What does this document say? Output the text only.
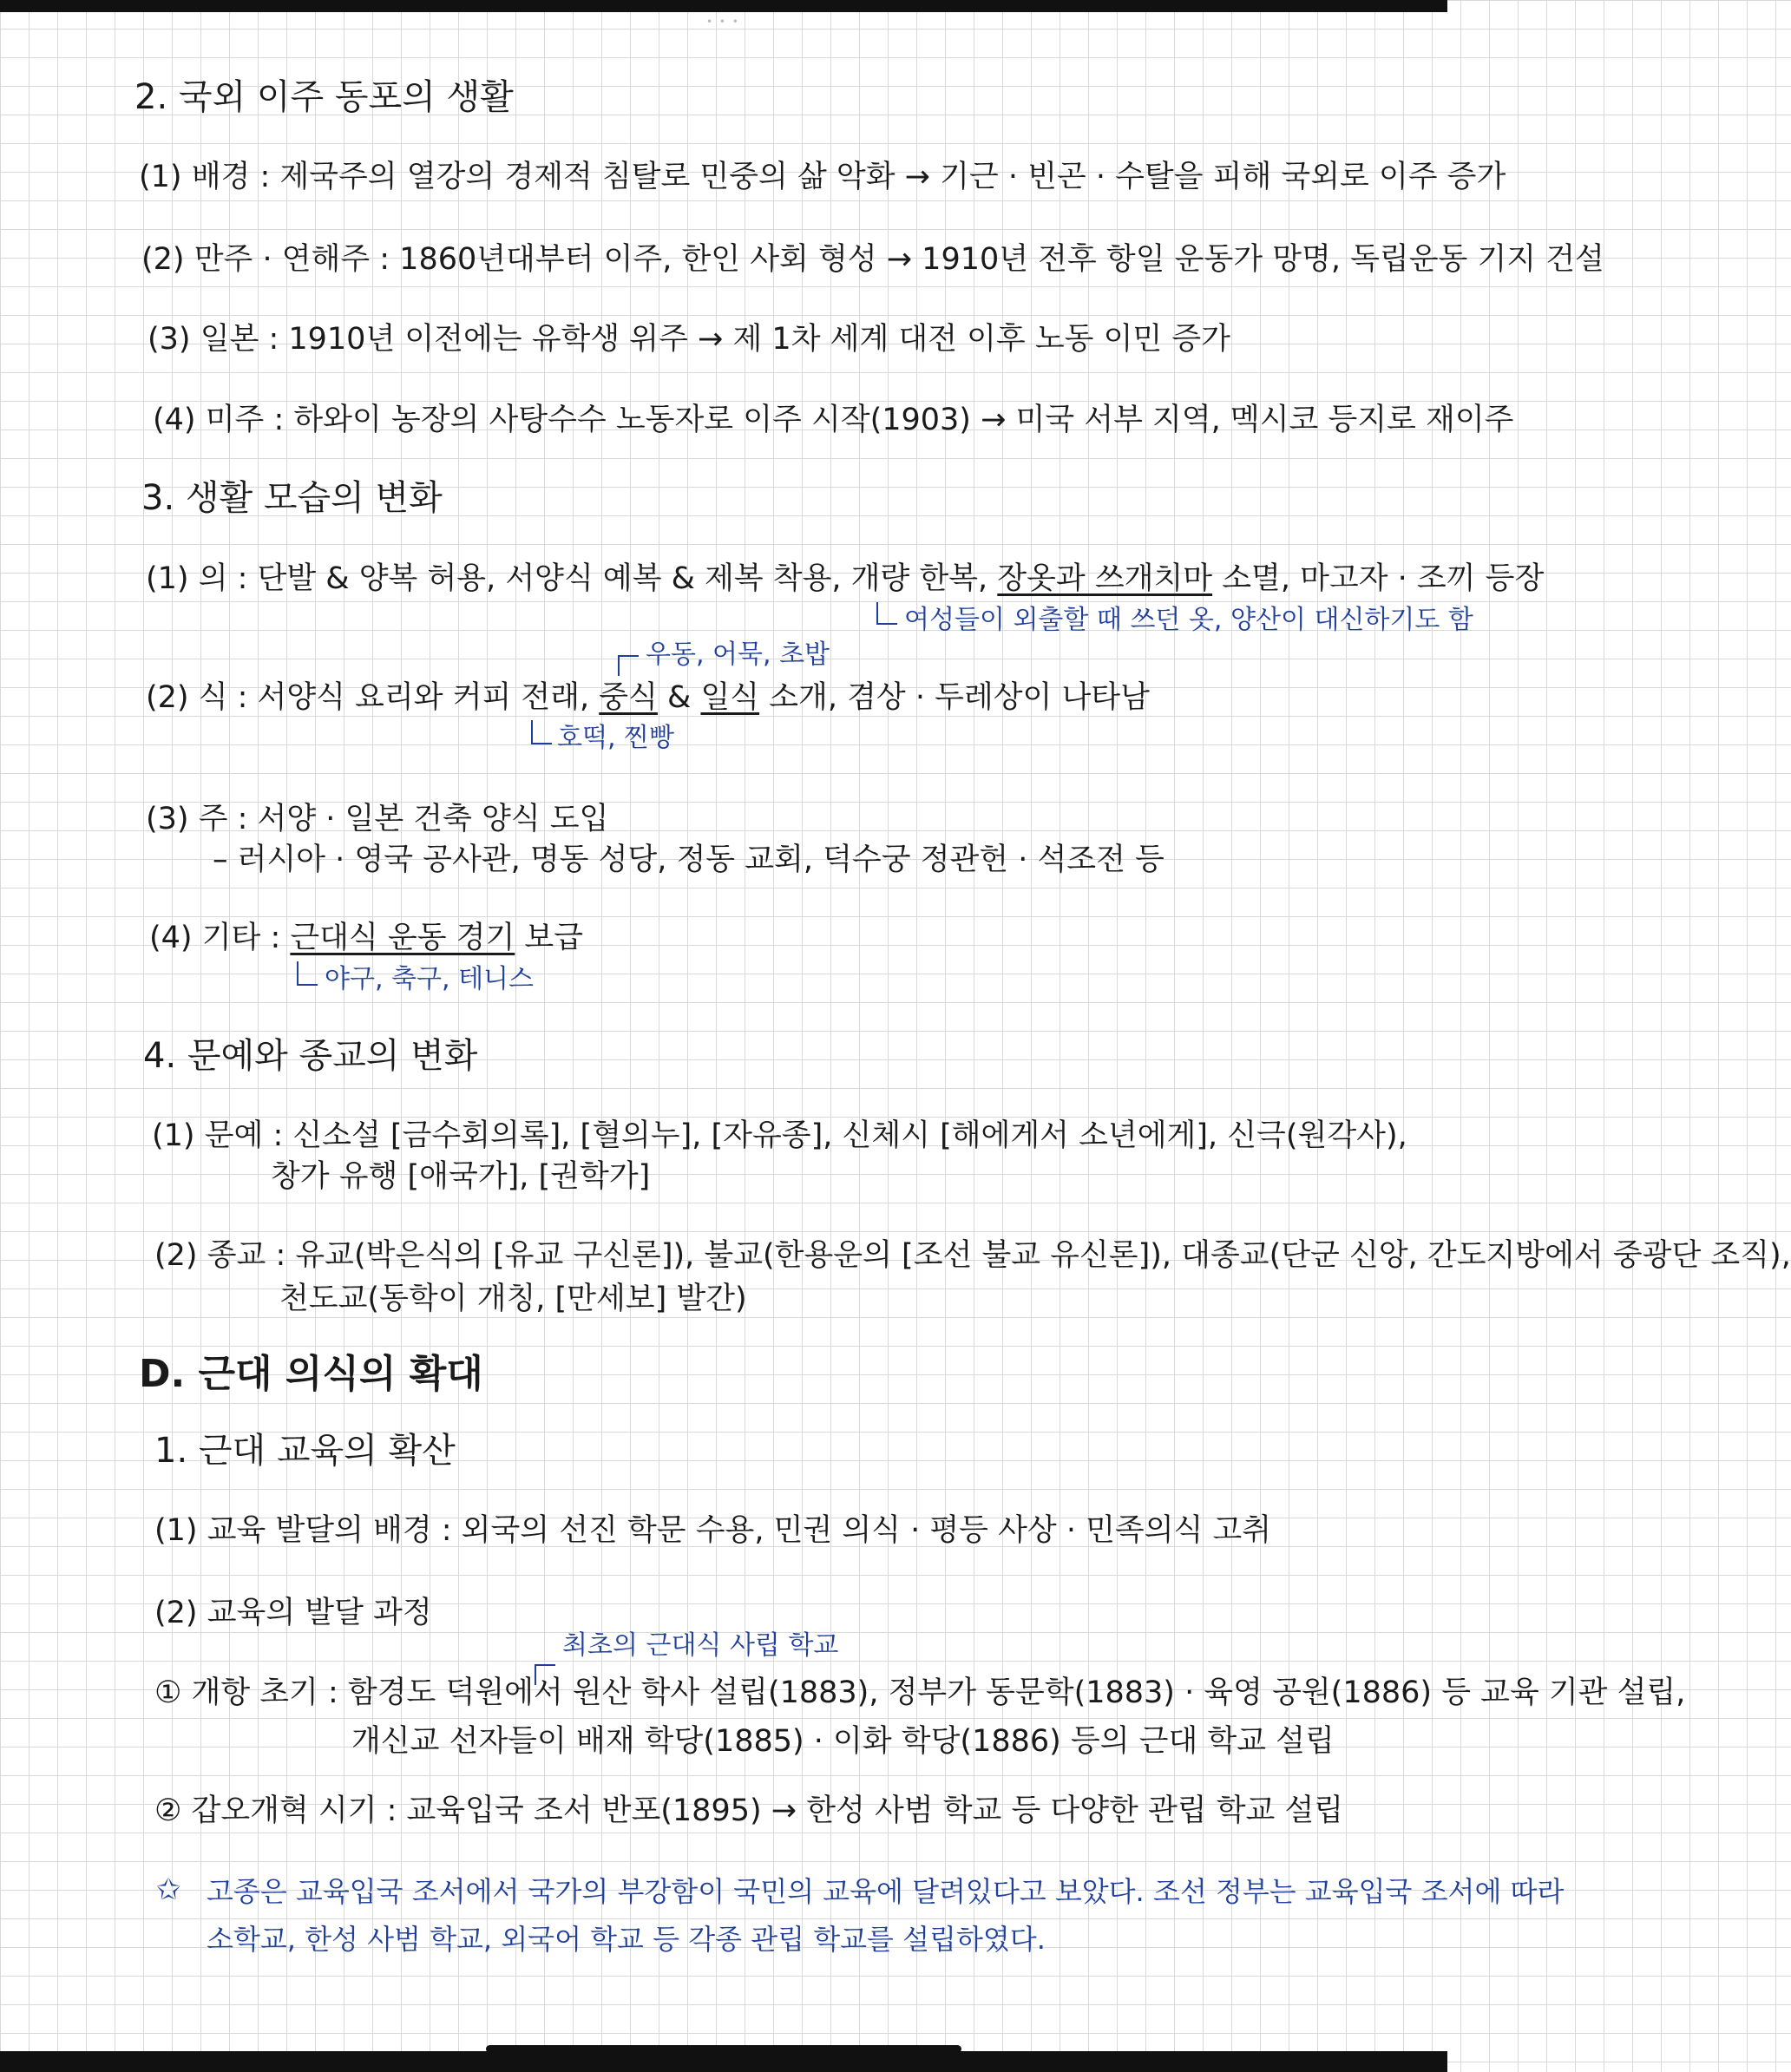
• • •
2. 국외 이주 동포의 생활
(1) 배경 : 제국주의 열강의 경제적 침탈로 민중의 삶 악화 → 기근 · 빈곤 · 수탈을 피해 국외로 이주 증가
(2) 만주 · 연해주 : 1860년대부터 이주, 한인 사회 형성 → 1910년 전후 항일 운동가 망명, 독립운동 기지 건설
(3) 일본 : 1910년 이전에는 유학생 위주 → 제 1차 세계 대전 이후 노동 이민 증가
(4) 미주 : 하와이 농장의 사탕수수 노동자로 이주 시작(1903) → 미국 서부 지역, 멕시코 등지로 재이주
3. 생활 모습의 변화
(1) 의 : 단발 & 양복 허용, 서양식 예복 & 제복 착용, 개량 한복, 장옷과 쓰개치마 소멸, 마고자 · 조끼 등장
여성들이 외출할 때 쓰던 옷, 양산이 대신하기도 함
우동, 어묵, 초밥
(2) 식 : 서양식 요리와 커피 전래, 중식 & 일식 소개, 겸상 · 두레상이 나타남
호떡, 찐빵
(3) 주 : 서양 · 일본 건축 양식 도입
– 러시아 · 영국 공사관, 명동 성당, 정동 교회, 덕수궁 정관헌 · 석조전 등
(4) 기타 : 근대식 운동 경기 보급
야구, 축구, 테니스
4. 문예와 종교의 변화
(1) 문예 : 신소설 [금수회의록], [혈의누], [자유종], 신체시 [해에게서 소년에게], 신극(원각사),
창가 유행 [애국가], [권학가]
(2) 종교 : 유교(박은식의 [유교 구신론]), 불교(한용운의 [조선 불교 유신론]), 대종교(단군 신앙, 간도지방에서 중광단 조직),
천도교(동학이 개칭, [만세보] 발간)
D. 근대 의식의 확대
1. 근대 교육의 확산
(1) 교육 발달의 배경 : 외국의 선진 학문 수용, 민권 의식 · 평등 사상 · 민족의식 고취
(2) 교육의 발달 과정
최초의 근대식 사립 학교
① 개항 초기 : 함경도 덕원에서 원산 학사 설립(1883), 정부가 동문학(1883) · 육영 공원(1886) 등 교육 기관 설립,
개신교 선자들이 배재 학당(1885) · 이화 학당(1886) 등의 근대 학교 설립
② 갑오개혁 시기 : 교육입국 조서 반포(1895) → 한성 사범 학교 등 다양한 관립 학교 설립
✩ 고종은 교육입국 조서에서 국가의 부강함이 국민의 교육에 달려있다고 보았다. 조선 정부는 교육입국 조서에 따라
소학교, 한성 사범 학교, 외국어 학교 등 각종 관립 학교를 설립하였다.
